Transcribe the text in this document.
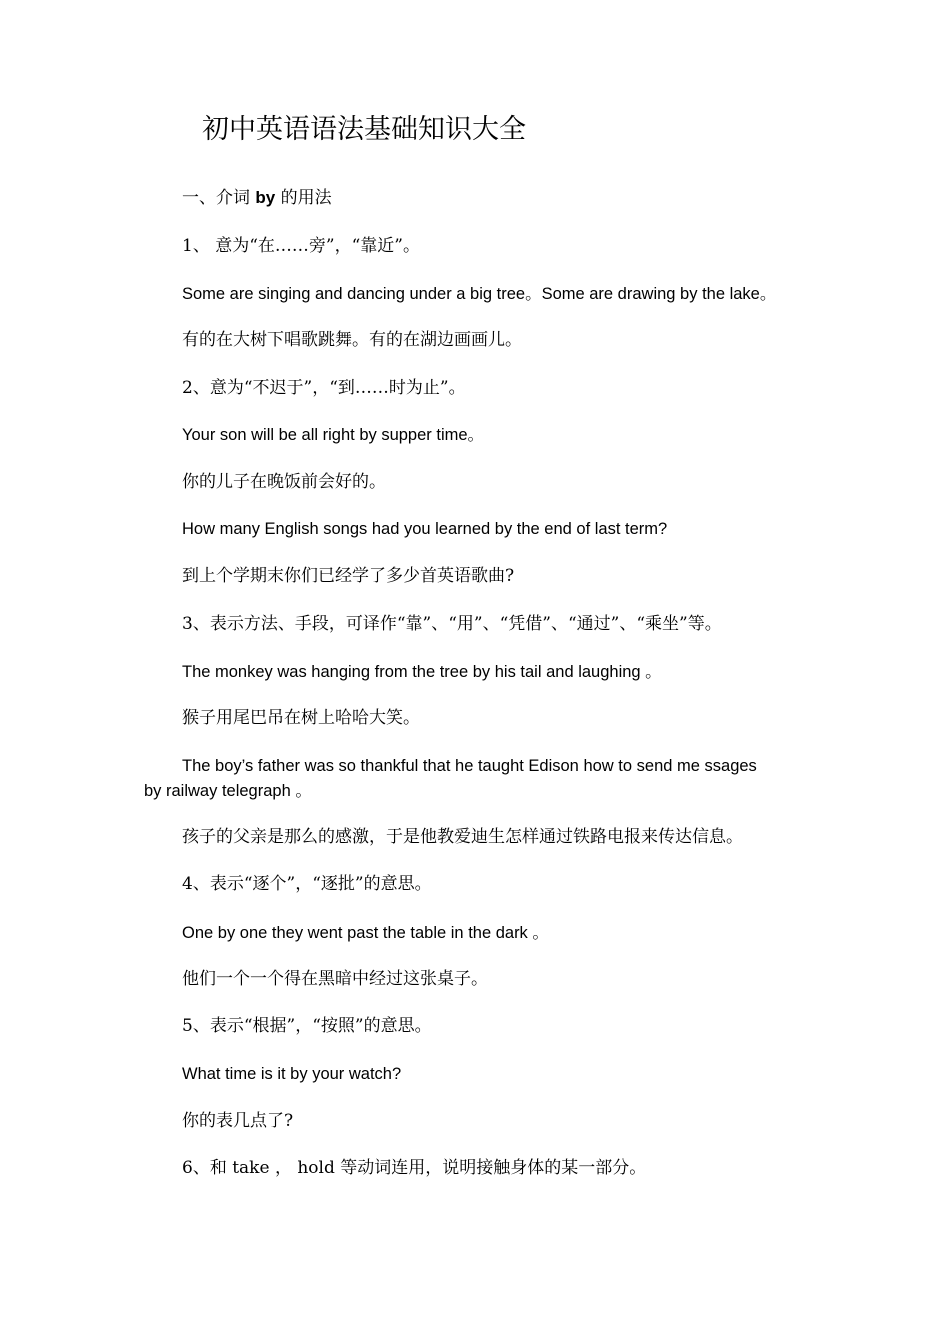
初中英语语法基础知识大全

一、介词 by 的用法

1、 意为“在……旁”，“靠近”。

Some are singing and dancing under a big tree。Some are drawing by the lake。

有的在大树下唱歌跳舞。有的在湖边画画儿。

2、意为“不迟于”，“到……时为止”。

Your son will be all right by supper time。

你的儿子在晚饭前会好的。

How many English songs had you learned by the end of last term?

到上个学期末你们已经学了多少首英语歌曲?

3、表示方法、手段，可译作“靠”、“用”、“凭借”、“通过”、“乘坐”等。

The monkey was hanging from the tree by his tail and laughing 。

猴子用尾巴吊在树上哈哈大笑。

The boy’s father was so thankful that he taught Edison how to send me ssages

by railway telegraph 。

孩子的父亲是那么的感激，于是他教爱迪生怎样通过铁路电报来传达信息。

4、表示“逐个”，“逐批”的意思。

One by one they went past the table in the dark 。

他们一个一个得在黑暗中经过这张桌子。

5、表示“根据”，“按照”的意思。

What time is it by your watch?

你的表几点了?

6、和 take ， hold 等动词连用，说明接触身体的某一部分。
